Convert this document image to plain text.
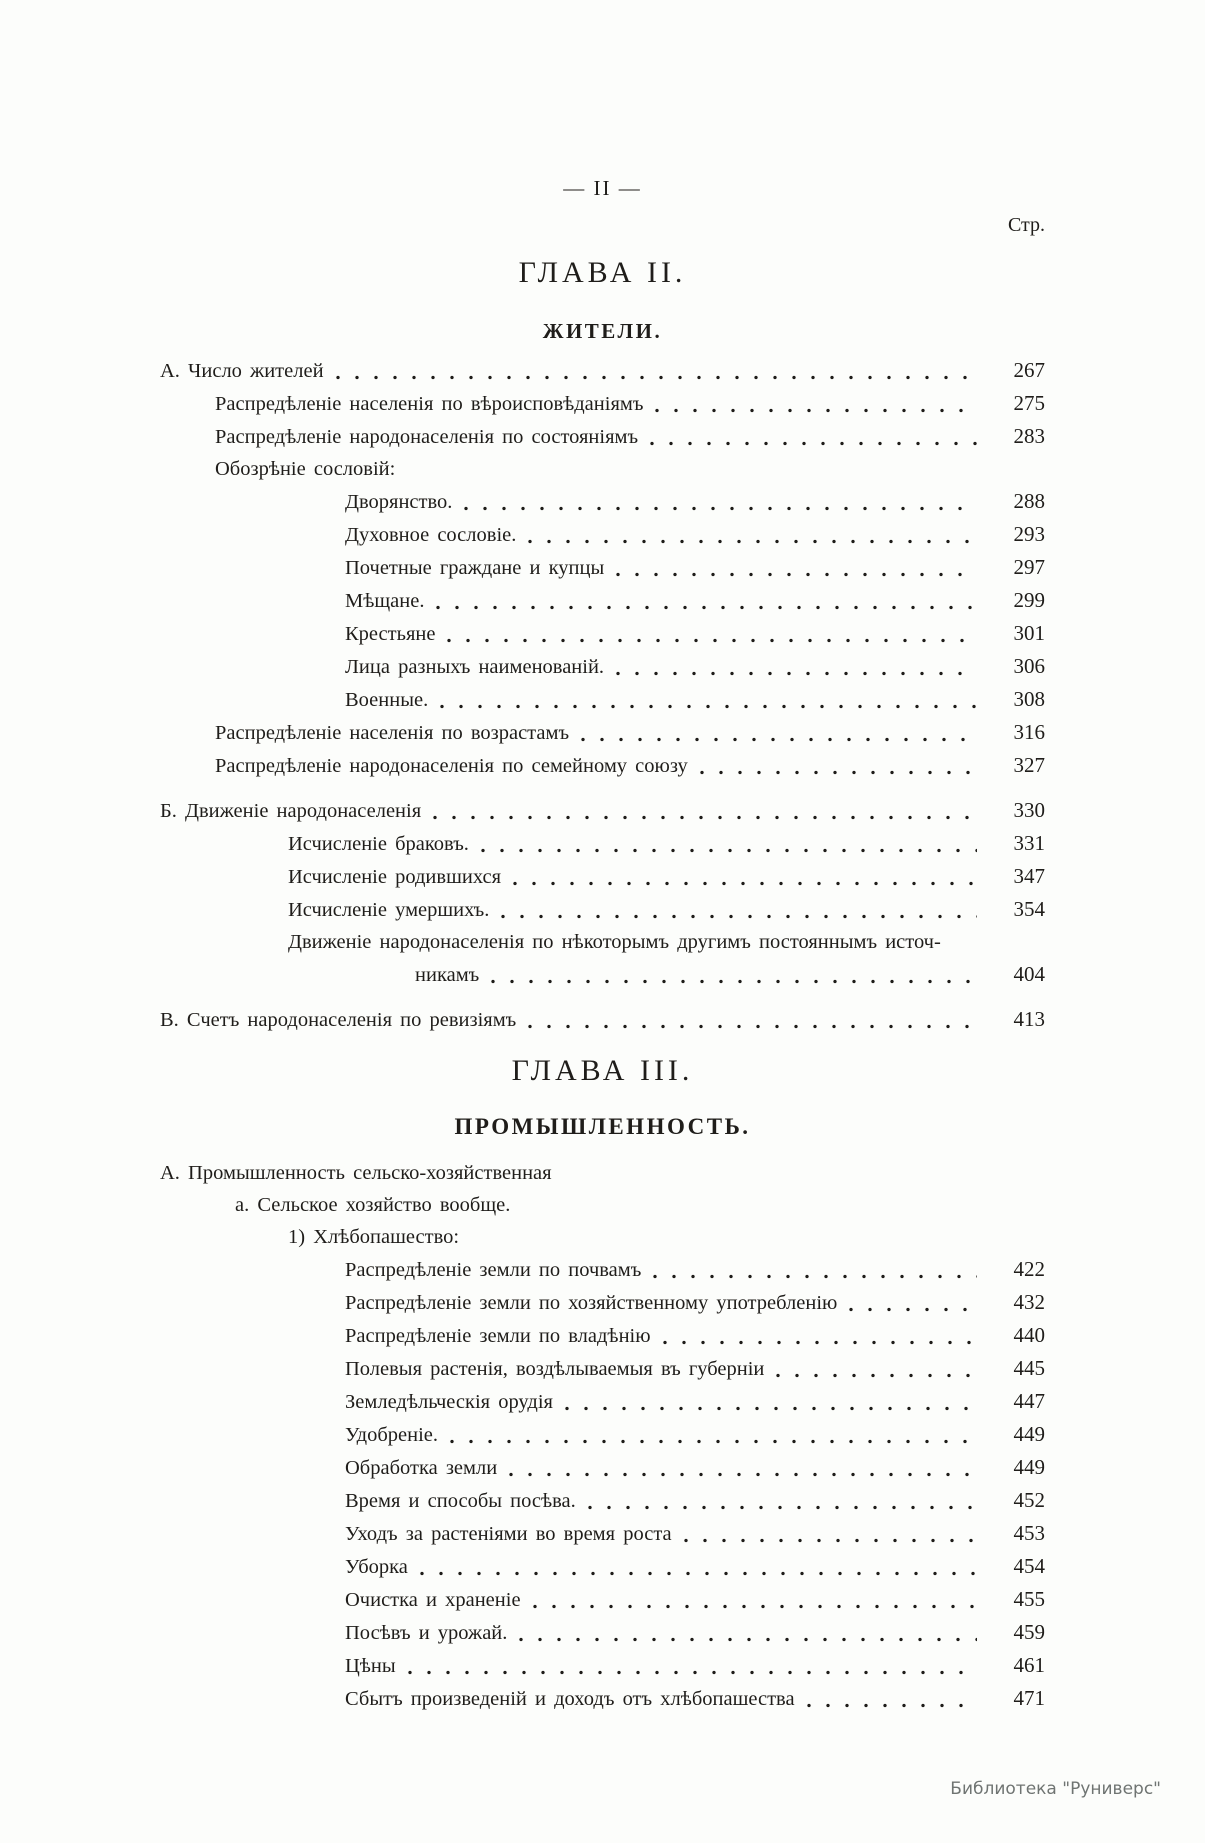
— II —
Стр.
ГЛАВА II.
ЖИТЕЛИ.
А. Число жителей	267
Распредѣленіе населенія по вѣроисповѣданіямъ	275
Распредѣленіе народонаселенія по состояніямъ	283
Обозрѣніе сословій:
Дворянство.	288
Духовное сословіе.	293
Почетные граждане и купцы	297
Мѣщане.	299
Крестьяне	301
Лица разныхъ наименованій.	306
Военные.	308
Распредѣленіе населенія по возрастамъ	316
Распредѣленіе народонаселенія по семейному союзу	327
Б. Движеніе народонаселенія	330
Исчисленіе браковъ.	331
Исчисленіе родившихся	347
Исчисленіе умершихъ.	354
Движеніе народонаселенія по нѣкоторымъ другимъ постояннымъ источ-
никамъ	404
В. Счетъ народонаселенія по ревизіямъ	413
ГЛАВА III.
ПРОМЫШЛЕННОСТЬ.
А. Промышленность сельско-хозяйственная
а. Сельское хозяйство вообще.
1) Хлѣбопашество:
Распредѣленіе земли по почвамъ	422
Распредѣленіе земли по хозяйственному употребленію	432
Распредѣленіе земли по владѣнію	440
Полевыя растенія, воздѣлываемыя въ губерніи	445
Земледѣльческія орудія	447
Удобреніе.	449
Обработка земли	449
Время и способы посѣва.	452
Уходъ за растеніями во время роста	453
Уборка	454
Очистка и храненіе	455
Посѣвъ и урожай.	459
Цѣны	461
Сбытъ произведеній и доходъ отъ хлѣбопашества	471
Библиотека "Руниверс"
